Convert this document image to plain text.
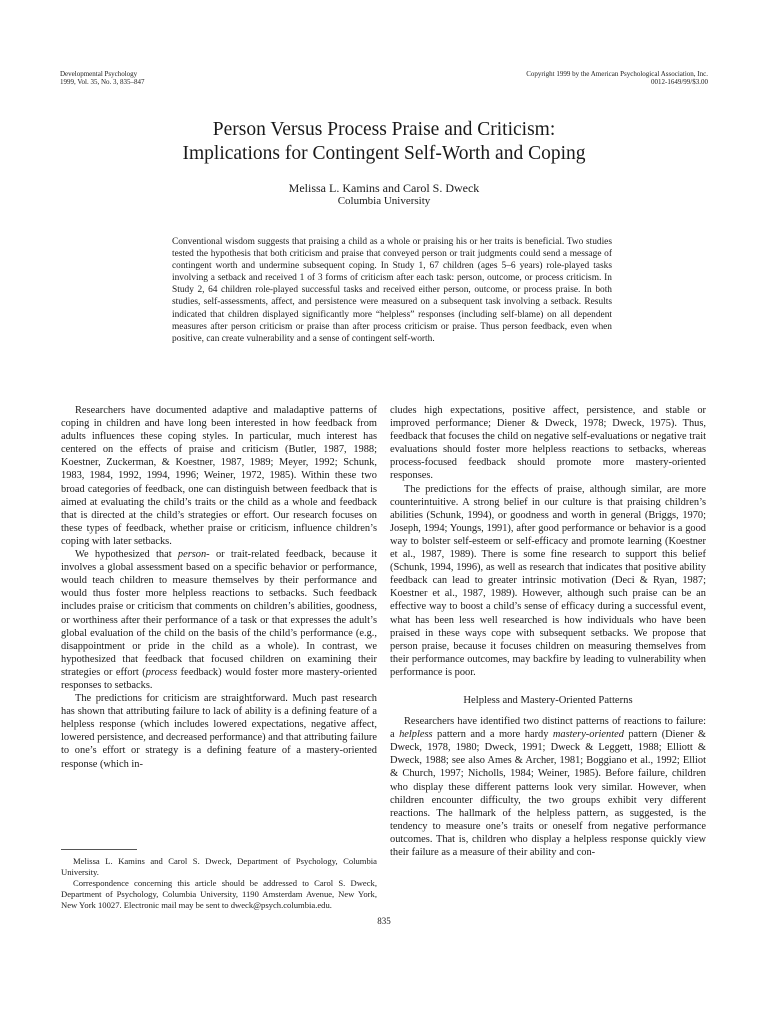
Developmental Psychology
1999, Vol. 35, No. 3, 835–847
Copyright 1999 by the American Psychological Association, Inc.
0012-1649/99/$3.00
Person Versus Process Praise and Criticism:
Implications for Contingent Self-Worth and Coping
Melissa L. Kamins and Carol S. Dweck
Columbia University

Conventional wisdom suggests that praising a child as a whole or praising his or her traits is beneficial. Two studies tested the hypothesis that both criticism and praise that conveyed person or trait judgments could send a message of contingent worth and undermine subsequent coping. In Study 1, 67 children (ages 5–6 years) role-played tasks involving a setback and received 1 of 3 forms of criticism after each task: person, outcome, or process criticism. In Study 2, 64 children role-played successful tasks and received either person, outcome, or process praise. In both studies, self-assessments, affect, and persistence were measured on a subsequent task involving a setback. Results indicated that children displayed significantly more “helpless” responses (including self-blame) on all dependent measures after person criticism or praise than after process criticism or praise. Thus person feedback, even when positive, can create vulnerability and a sense of contingent self-worth.

Researchers have documented adaptive and maladaptive patterns of coping in children and have long been interested in how feedback from adults influences these coping styles. In particular, much interest has centered on the effects of praise and criticism (Butler, 1987, 1988; Koestner, Zuckerman, & Koestner, 1987, 1989; Meyer, 1992; Schunk, 1983, 1984, 1992, 1994, 1996; Weiner, 1972, 1985). Within these two broad categories of feedback, one can distinguish between feedback that is aimed at evaluating the child’s traits or the child as a whole and feedback that is directed at the child’s strategies or effort. Our research focuses on these types of feedback, whether praise or criticism, influence children’s coping with later setbacks.

We hypothesized that person- or trait-related feedback, because it involves a global assessment based on a specific behavior or performance, would teach children to measure themselves by their performance and would thus foster more helpless reactions to setbacks. Such feedback includes praise or criticism that comments on children’s abilities, goodness, or worthiness after their performance of a task or that expresses the adult’s global evaluation of the child on the basis of the child’s performance (e.g., disappointment or pride in the child as a whole). In contrast, we hypothesized that feedback that focused children on examining their strategies or effort (process feedback) would foster more mastery-oriented responses to setbacks.

The predictions for criticism are straightforward. Much past research has shown that attributing failure to lack of ability is a defining feature of a helpless response (which includes lowered expectations, negative affect, lowered persistence, and decreased performance) and that attributing failure to one’s effort or strategy is a defining feature of a mastery-oriented response (which in-

cludes high expectations, positive affect, persistence, and stable or improved performance; Diener & Dweck, 1978; Dweck, 1975). Thus, feedback that focuses the child on negative self-evaluations or negative trait evaluations should foster more helpless reactions to setbacks, whereas process-focused feedback should promote more mastery-oriented responses.

The predictions for the effects of praise, although similar, are more counterintuitive. A strong belief in our culture is that praising children’s abilities (Schunk, 1994), or goodness and worth in general (Briggs, 1970; Joseph, 1994; Youngs, 1991), after good performance or behavior is a good way to bolster self-esteem or self-efficacy and promote learning (Koestner et al., 1987, 1989). There is some fine research to support this belief (Schunk, 1994, 1996), as well as research that indicates that positive ability feedback can lead to greater intrinsic motivation (Deci & Ryan, 1987; Koestner et al., 1987, 1989). However, although such praise can be an effective way to boost a child’s sense of efficacy during a successful event, what has been less well researched is how individuals who have been praised in these ways cope with subsequent setbacks. We propose that person praise, because it focuses children on measuring themselves from their performance outcomes, may backfire by leading to vulnerability when performance is poor.

Helpless and Mastery-Oriented Patterns

Researchers have identified two distinct patterns of reactions to failure: a helpless pattern and a more hardy mastery-oriented pattern (Diener & Dweck, 1978, 1980; Dweck, 1991; Dweck & Leggett, 1988; Elliott & Dweck, 1988; see also Ames & Archer, 1981; Boggiano et al., 1992; Elliot & Church, 1997; Nicholls, 1984; Weiner, 1985). Before failure, children who display these different patterns look very similar. However, when children encounter difficulty, the two groups exhibit very different reactions. The hallmark of the helpless pattern, as suggested, is the tendency to measure one’s traits or oneself from negative performance outcomes. That is, children who display a helpless response quickly view their failure as a measure of their ability and con-

Melissa L. Kamins and Carol S. Dweck, Department of Psychology, Columbia University.

Correspondence concerning this article should be addressed to Carol S. Dweck, Department of Psychology, Columbia University, 1190 Amsterdam Avenue, New York, New York 10027. Electronic mail may be sent to dweck@psych.columbia.edu.

835
